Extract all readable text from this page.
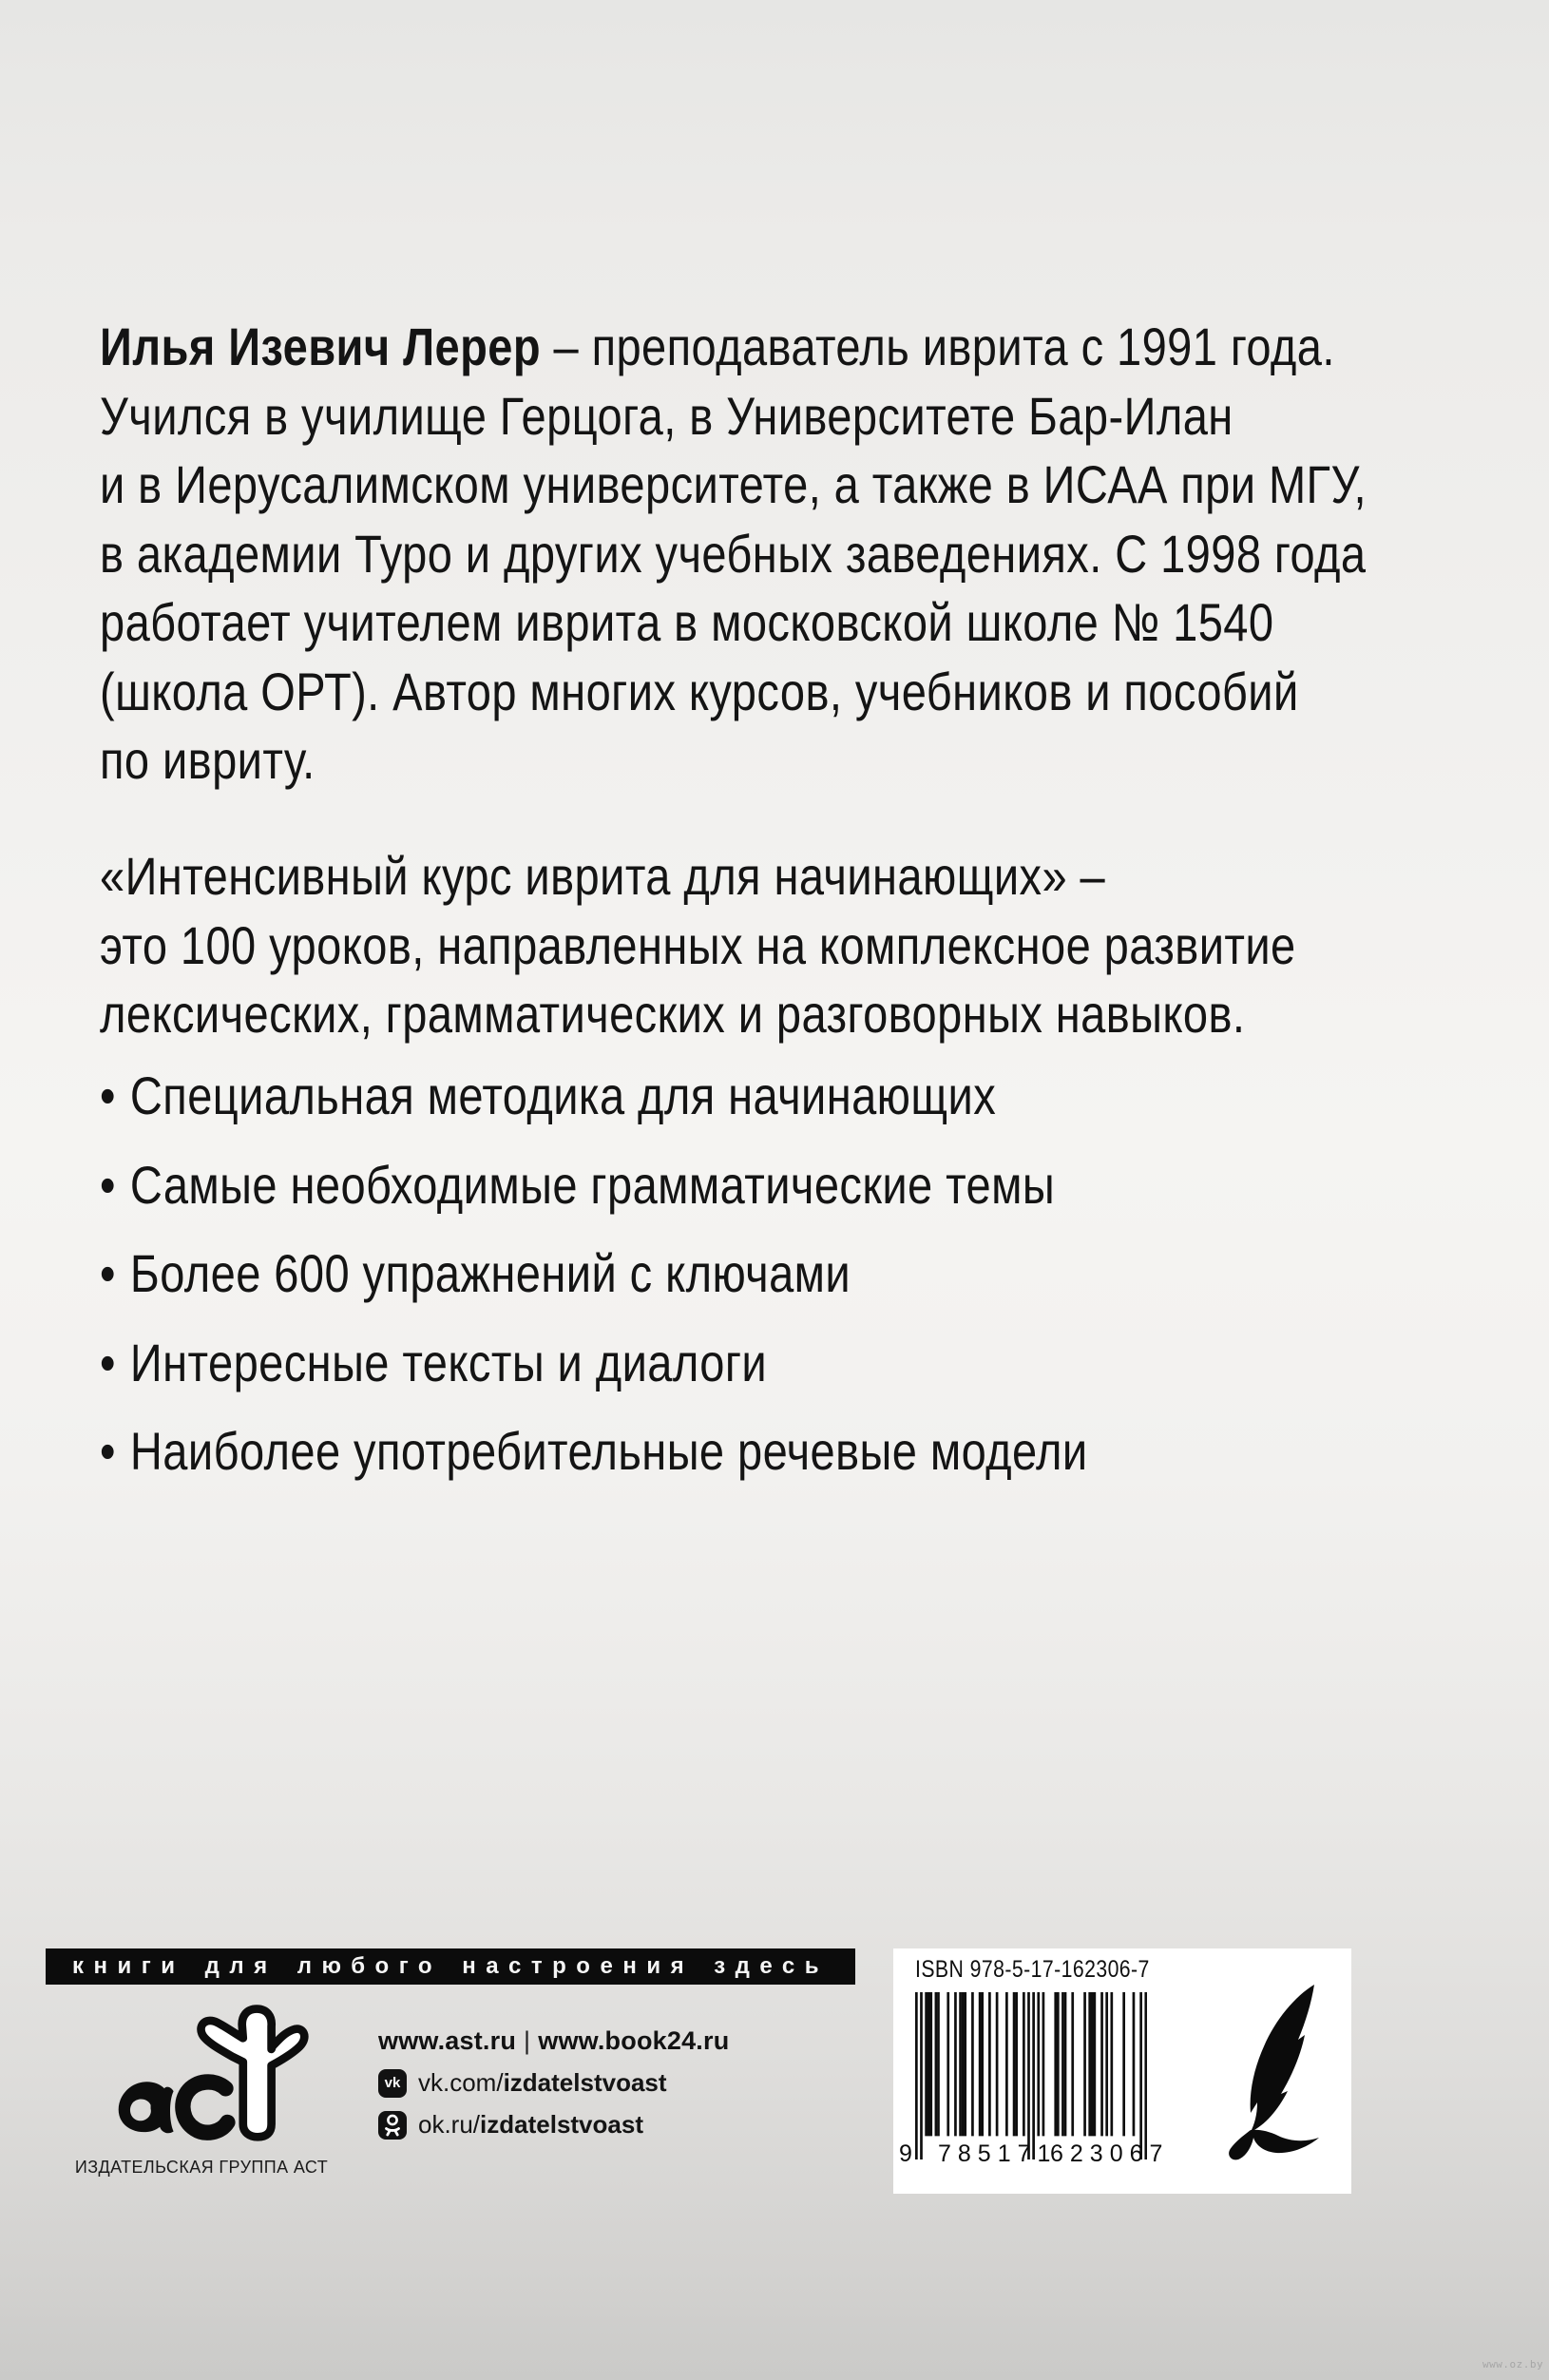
Илья Изевич Лерер – преподаватель иврита с 1991 года.
Учился в училище Герцога, в Университете Бар-Илан
и в Иерусалимском университете, а также в ИСАА при МГУ,
в академии Туро и других учебных заведениях. С 1998 года
работает учителем иврита в московской школе № 1540
(школа ОРТ). Автор многих курсов, учебников и пособий
по ивриту.
«Интенсивный курс иврита для начинающих» –
это 100 уроков, направленных на комплексное развитие
лексических, грамматических и разговорных навыков.
• Специальная методика для начинающих
• Самые необходимые грамматические темы
• Более 600 упражнений с ключами
• Интересные тексты и диалоги
• Наиболее употребительные речевые модели
книги для любого настроения здесь
ИЗДАТЕЛЬСКАЯ ГРУППА АСТ
www.ast.ru | www.book24.ru
vk vk.com/izdatelstvoast
ok.ru/izdatelstvoast
ISBN 978-5-17-162306-7
9 785171
623067
www.oz.by
